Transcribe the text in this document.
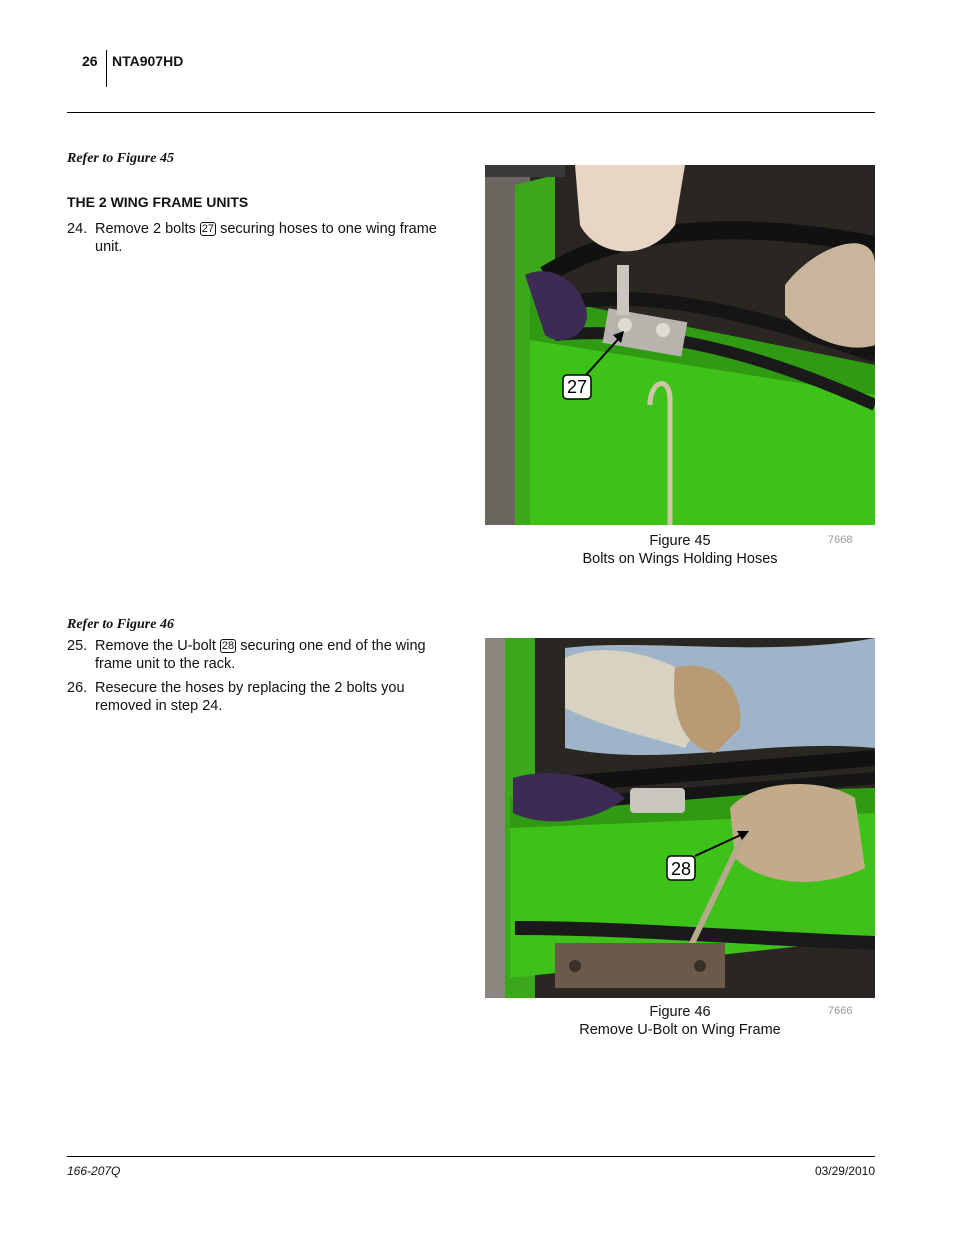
26 NTA907HD
Refer to Figure 45
THE 2 WING FRAME UNITS
24. Remove 2 bolts 27 securing hoses to one wing frame unit.
27
Figure 45
Bolts on Wings Holding Hoses
7668
Refer to Figure 46
25. Remove the U-bolt 28 securing one end of the wing frame unit to the rack.
26. Resecure the hoses by replacing the 2 bolts you removed in step 24.
28
Figure 46
Remove U-Bolt on Wing Frame
7666
166-207Q	03/29/2010
